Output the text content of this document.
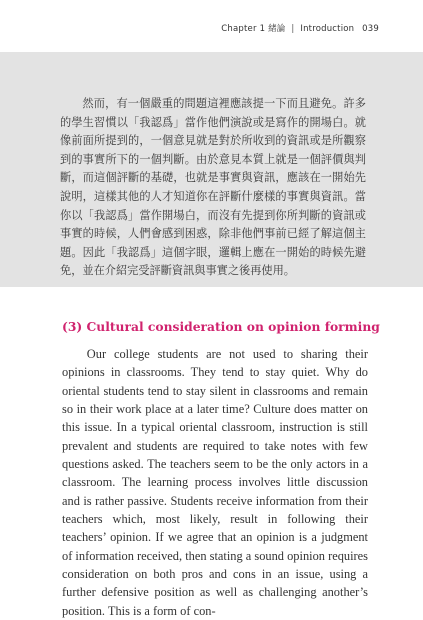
Chapter 1 緒論 | Introduction 039
然而，有一個嚴重的問題這裡應該提一下而且避免。許多的學生習慣以「我認爲」當作他們演說或是寫作的開場白。就像前面所提到的，一個意見就是對於所收到的資訊或是所觀察到的事實所下的一個判斷。由於意見本質上就是一個評價與判斷，而這個評斷的基礎，也就是事實與資訊，應該在一開始先說明，這樣其他的人才知道你在評斷什麼樣的事實與資訊。當你以「我認爲」當作開場白，而沒有先提到你所判斷的資訊或事實的時候，人們會感到困惑，除非他們事前已經了解這個主題。因此「我認爲」這個字眼，邏輯上應在一開始的時候先避免，並在介紹完受評斷資訊與事實之後再使用。
(3) Cultural consideration on opinion forming
Our college students are not used to sharing their opinions in classrooms. They tend to stay quiet. Why do oriental students tend to stay silent in classrooms and remain so in their work place at a later time? Culture does matter on this issue. In a typical oriental classroom, instruction is still prevalent and students are required to take notes with few questions asked. The teachers seem to be the only actors in a classroom. The learning process involves little discussion and is rather passive. Students receive information from their teachers which, most likely, result in following their teachers’ opinion. If we agree that an opinion is a judgment of information received, then stating a sound opinion requires consideration on both pros and cons in an issue, using a further defensive position as well as challenging another’s position. This is a form of con-
